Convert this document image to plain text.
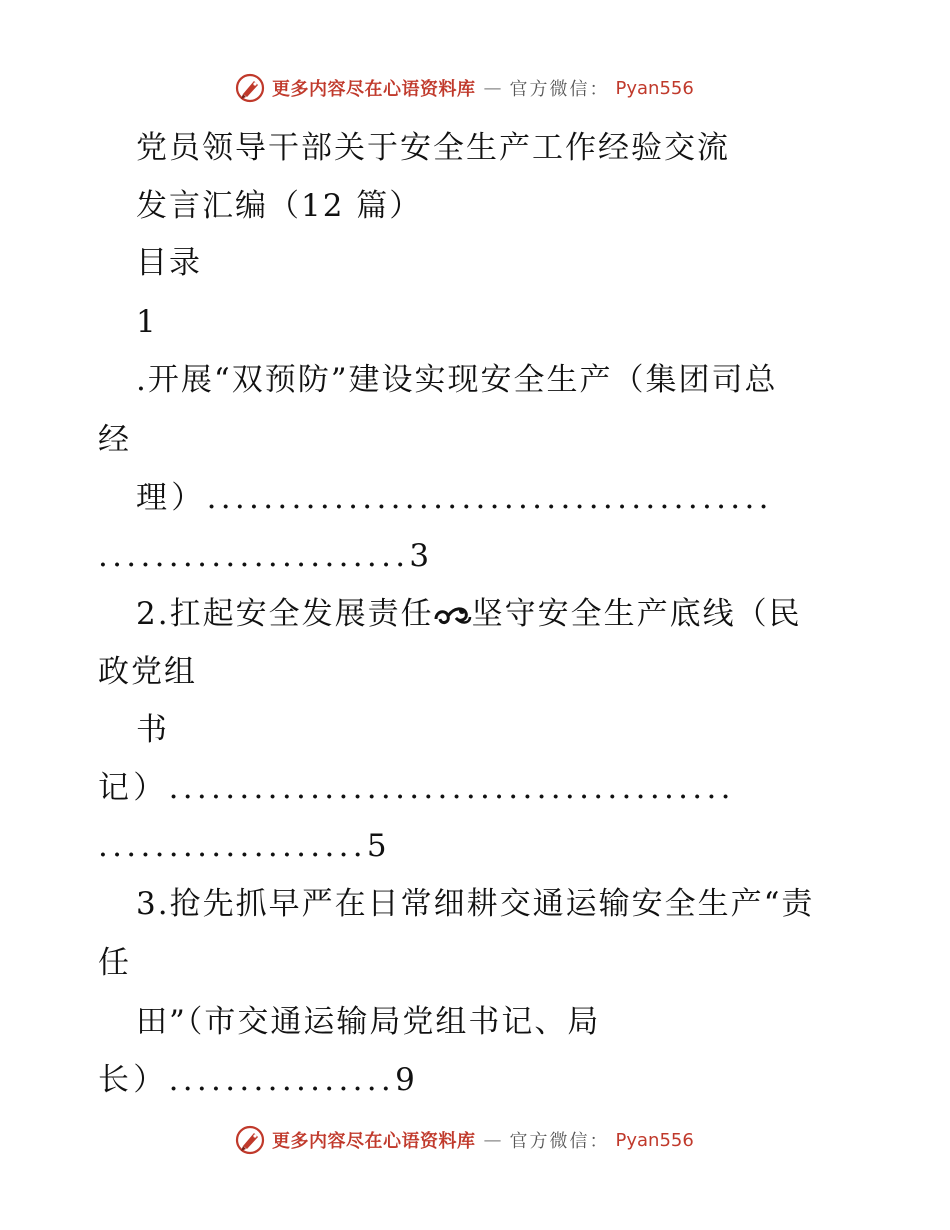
更多内容尽在心语资料库 — 官方微信： Pyan556
党员领导干部关于安全生产工作经验交流
发言汇编（12 篇）
目录
1
.开展“双预防”建设实现安全生产（集团司总
经
理）........................................
......................3
2.扛起安全发展责任 坚守安全生产底线（民
政党组
书
记）........................................
...................5
3.抢先抓早严在日常细耕交通运输安全生产“责
任
田”（市交通运输局党组书记、局
长）................9
更多内容尽在心语资料库 — 官方微信： Pyan556
